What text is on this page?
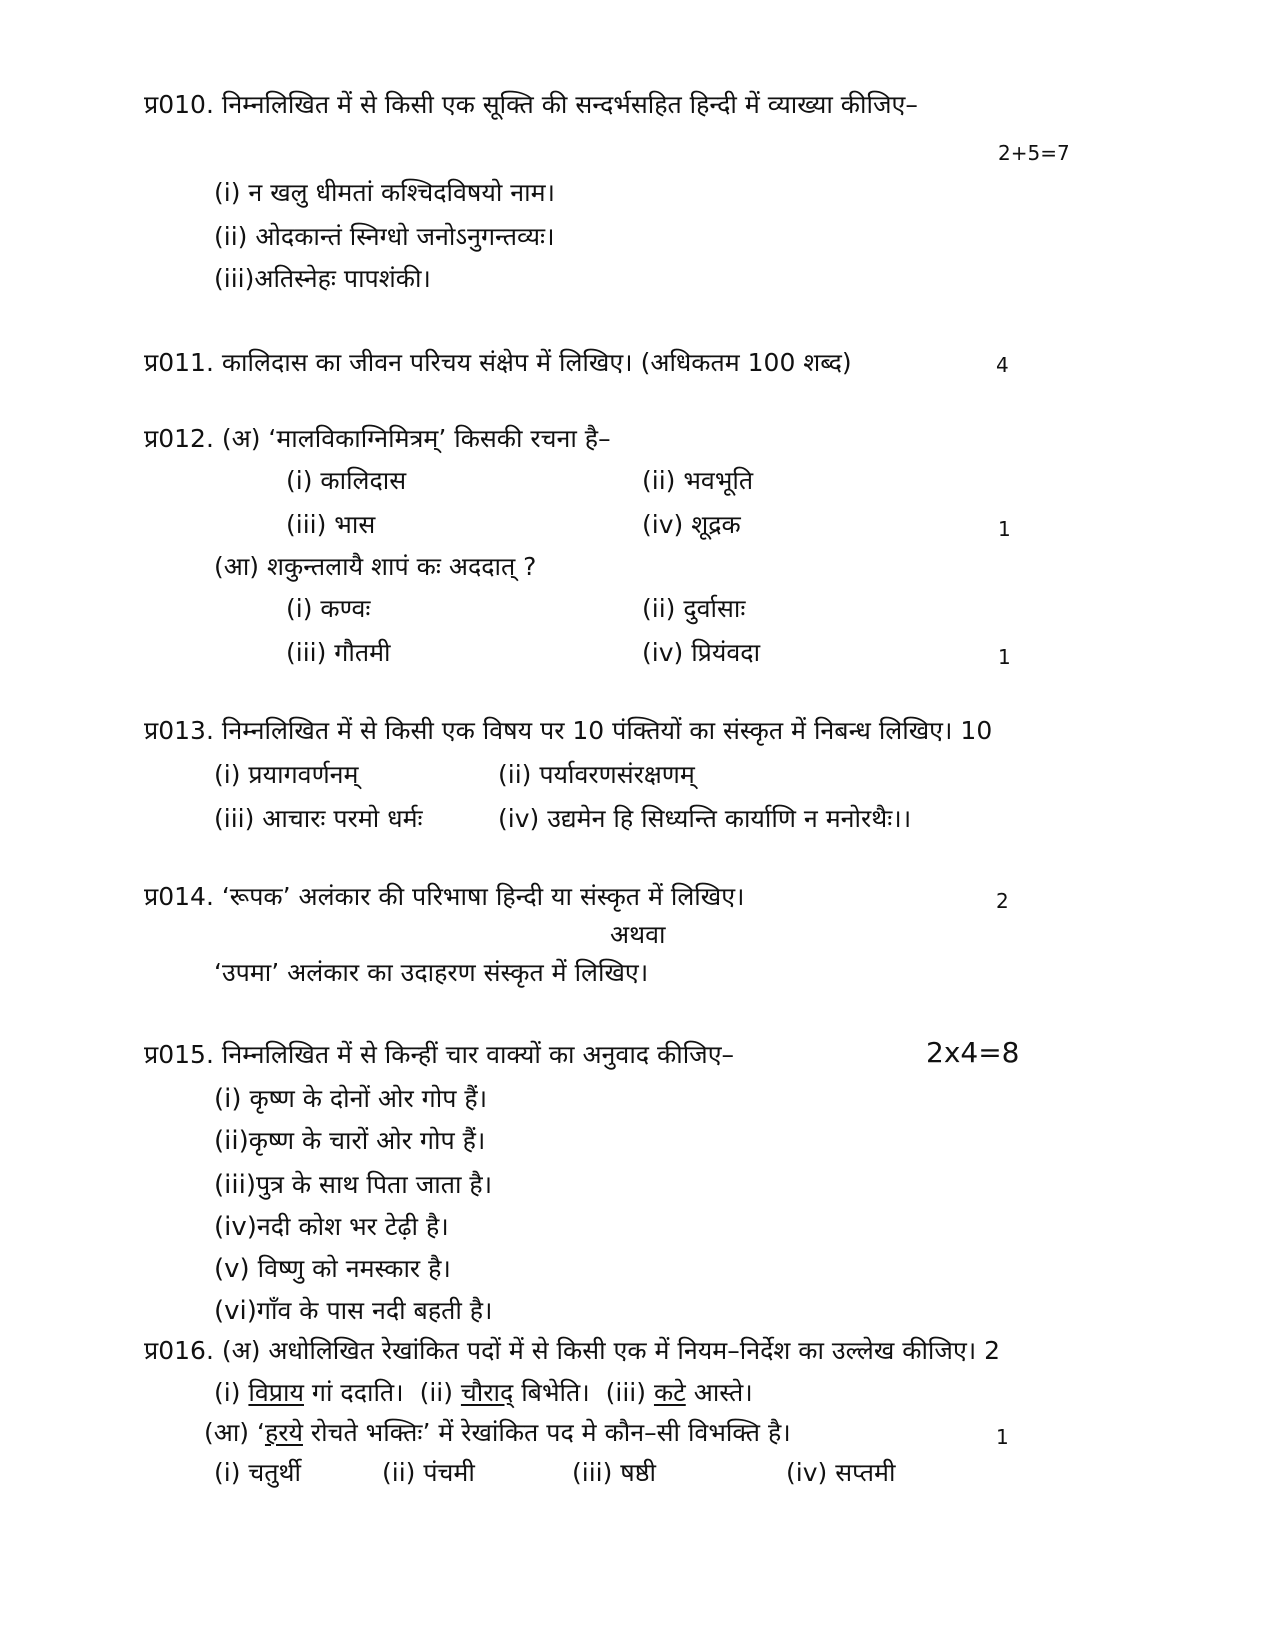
प्र010. निम्नलिखित में से किसी एक सूक्ति की सन्दर्भसहित हिन्दी में व्याख्या कीजिए–
2+5=7
(i) न खलु धीमतां कश्चिदविषयो नाम।
(ii) ओदकान्तं स्निग्धो जनोऽनुगन्तव्यः।
(iii)अतिस्नेहः पापशंकी।
प्र011. कालिदास का जीवन परिचय संक्षेप में लिखिए। (अधिकतम 100 शब्द)	4
प्र012. (अ) ‘मालविकाग्निमित्रम्’ किसकी रचना है–
(i) कालिदास	(ii) भवभूति
(iii) भास	(iv) शूद्रक	1
(आ) शकुन्तलायै शापं कः अददात् ?
(i) कण्वः	(ii) दुर्वासाः
(iii) गौतमी	(iv) प्रियंवदा	1
प्र013. निम्नलिखित में से किसी एक विषय पर 10 पंक्तियों का संस्कृत में निबन्ध लिखिए। 10
(i) प्रयागवर्णनम्	(ii) पर्यावरणसंरक्षणम्
(iii) आचारः परमो धर्मः	(iv) उद्यमेन हि सिध्यन्ति कार्याणि न मनोरथैः।।
प्र014. ‘रूपक’ अलंकार की परिभाषा हिन्दी या संस्कृत में लिखिए।	2
अथवा
‘उपमा’ अलंकार का उदाहरण संस्कृत में लिखिए।
प्र015. निम्नलिखित में से किन्हीं चार वाक्यों का अनुवाद कीजिए–	2x4=8
(i) कृष्ण के दोनों ओर गोप हैं।
(ii)कृष्ण के चारों ओर गोप हैं।
(iii)पुत्र के साथ पिता जाता है।
(iv)नदी कोश भर टेढ़ी है।
(v) विष्णु को नमस्कार है।
(vi)गाँव के पास नदी बहती है।
प्र016. (अ) अधोलिखित रेखांकित पदों में से किसी एक में नियम–निर्देश का उल्लेख कीजिए। 2
(i) विप्राय गां ददाति। (ii) चौराद् बिभेति। (iii) कटे आस्ते।
(आ) ‘हरये रोचते भक्तिः’ में रेखांकित पद मे कौन–सी विभक्ति है।	1
(i) चतुर्थी	(ii) पंचमी	(iii) षष्ठी	(iv) सप्तमी
